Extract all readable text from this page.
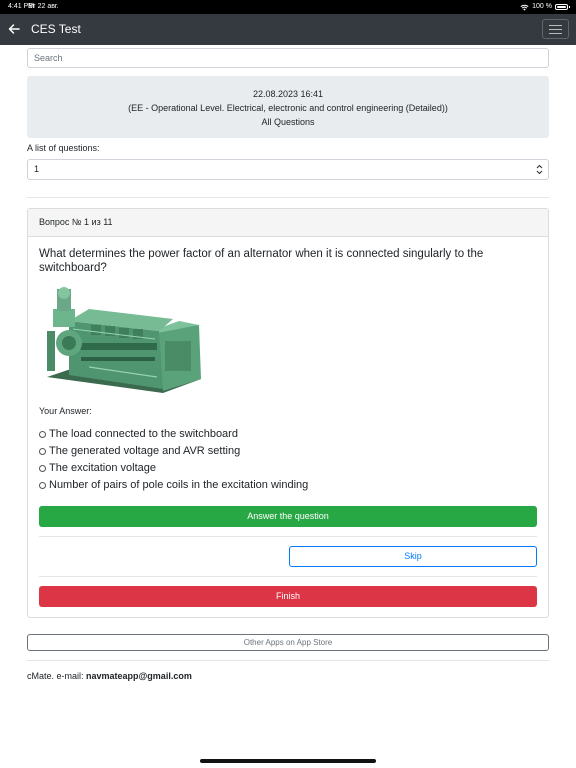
4:41 PM
Вт 22 авг.	100 %
CES Test
Search
22.08.2023 16:41
(EE - Operational Level. Electrical, electronic and control engineering (Detailed))
All Questions
A list of questions:
1
Вопрос № 1 из 11
What determines the power factor of an alternator when it is connected singularly to the switchboard?
Your Answer:
The load connected to the switchboard
The generated voltage and AVR setting
The excitation voltage
Number of pairs of pole coils in the excitation winding
Answer the question
Skip
Finish
Other Apps on App Store
cMate. e-mail: navmateapp@gmail.com
